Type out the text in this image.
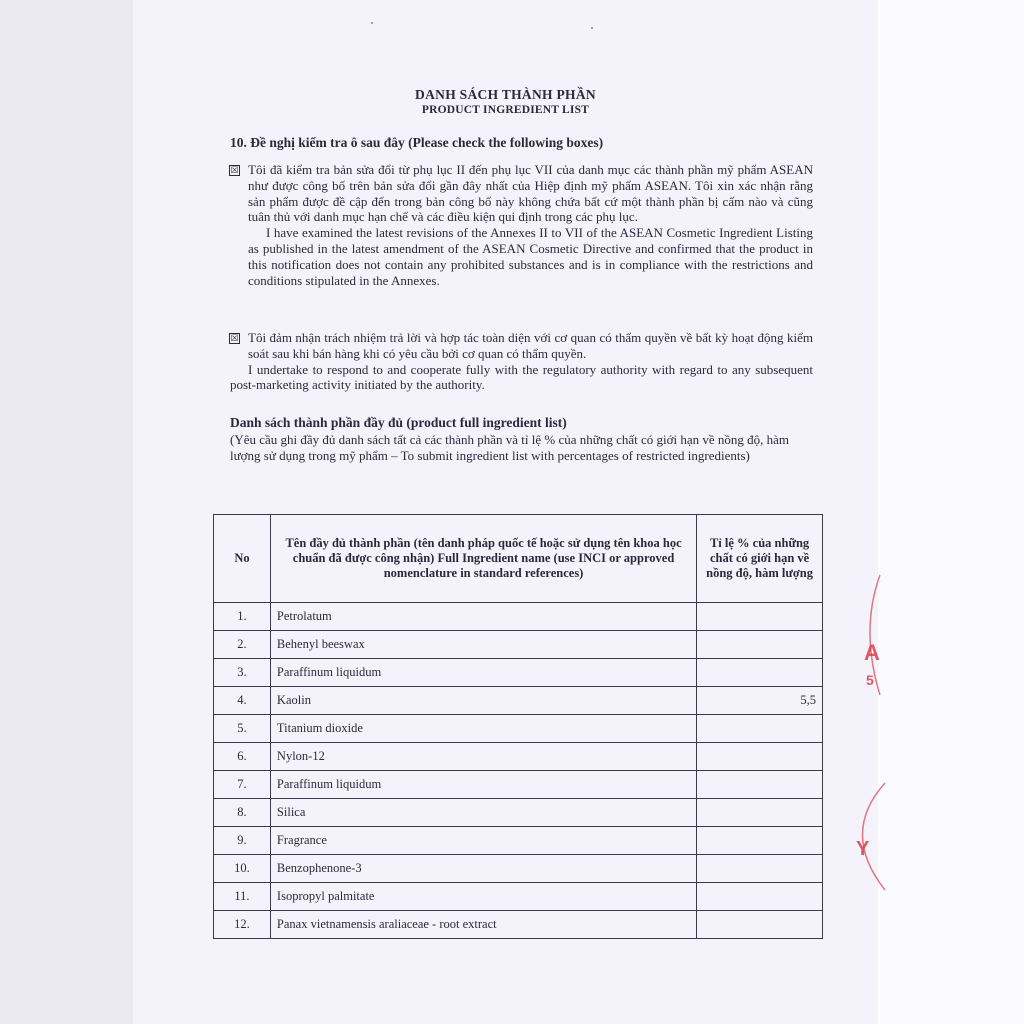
DANH SÁCH THÀNH PHẦN
PRODUCT INGREDIENT LIST
10. Đề nghị kiểm tra ô sau đây (Please check the following boxes)
☒ Tôi đã kiểm tra bản sửa đổi từ phụ lục II đến phụ lục VII của danh mục các thành phần mỹ phẩm ASEAN như được công bố trên bản sửa đổi gần đây nhất của Hiệp định mỹ phẩm ASEAN. Tôi xin xác nhận rằng sản phẩm được đề cập đến trong bản công bố này không chứa bất cứ một thành phần bị cấm nào và cũng tuân thủ với danh mục hạn chế và các điều kiện qui định trong các phụ lục.
I have examined the latest revisions of the Annexes II to VII of the ASEAN Cosmetic Ingredient Listing as published in the latest amendment of the ASEAN Cosmetic Directive and confirmed that the product in this notification does not contain any prohibited substances and is in compliance with the restrictions and conditions stipulated in the Annexes.
☒ Tôi đảm nhận trách nhiệm trả lời và hợp tác toàn diện với cơ quan có thẩm quyền về bất kỳ hoạt động kiểm soát sau khi bán hàng khi có yêu cầu bởi cơ quan có thẩm quyền.
I undertake to respond to and cooperate fully with the regulatory authority with regard to any subsequent post-marketing activity initiated by the authority.
Danh sách thành phần đầy đủ (product full ingredient list)
(Yêu cầu ghi đầy đủ danh sách tất cả các thành phần và tỉ lệ % của những chất có giới hạn về nồng độ, hàm lượng sử dụng trong mỹ phẩm – To submit ingredient list with percentages of restricted ingredients)
No	Tên đầy đủ thành phần (tên danh pháp quốc tế hoặc sử dụng tên khoa học chuẩn đã được công nhận) Full Ingredient name (use INCI or approved nomenclature in standard references)	Tỉ lệ % của những chất có giới hạn về nồng độ, hàm lượng
1.	Petrolatum	
2.	Behenyl beeswax	
3.	Paraffinum liquidum	
4.	Kaolin	5,5
5.	Titanium dioxide	
6.	Nylon-12	
7.	Paraffinum liquidum	
8.	Silica	
9.	Fragrance	
10.	Benzophenone-3	
11.	Isopropyl palmitate	
12.	Panax vietnamensis araliaceae - root extract	
A
5
Y
